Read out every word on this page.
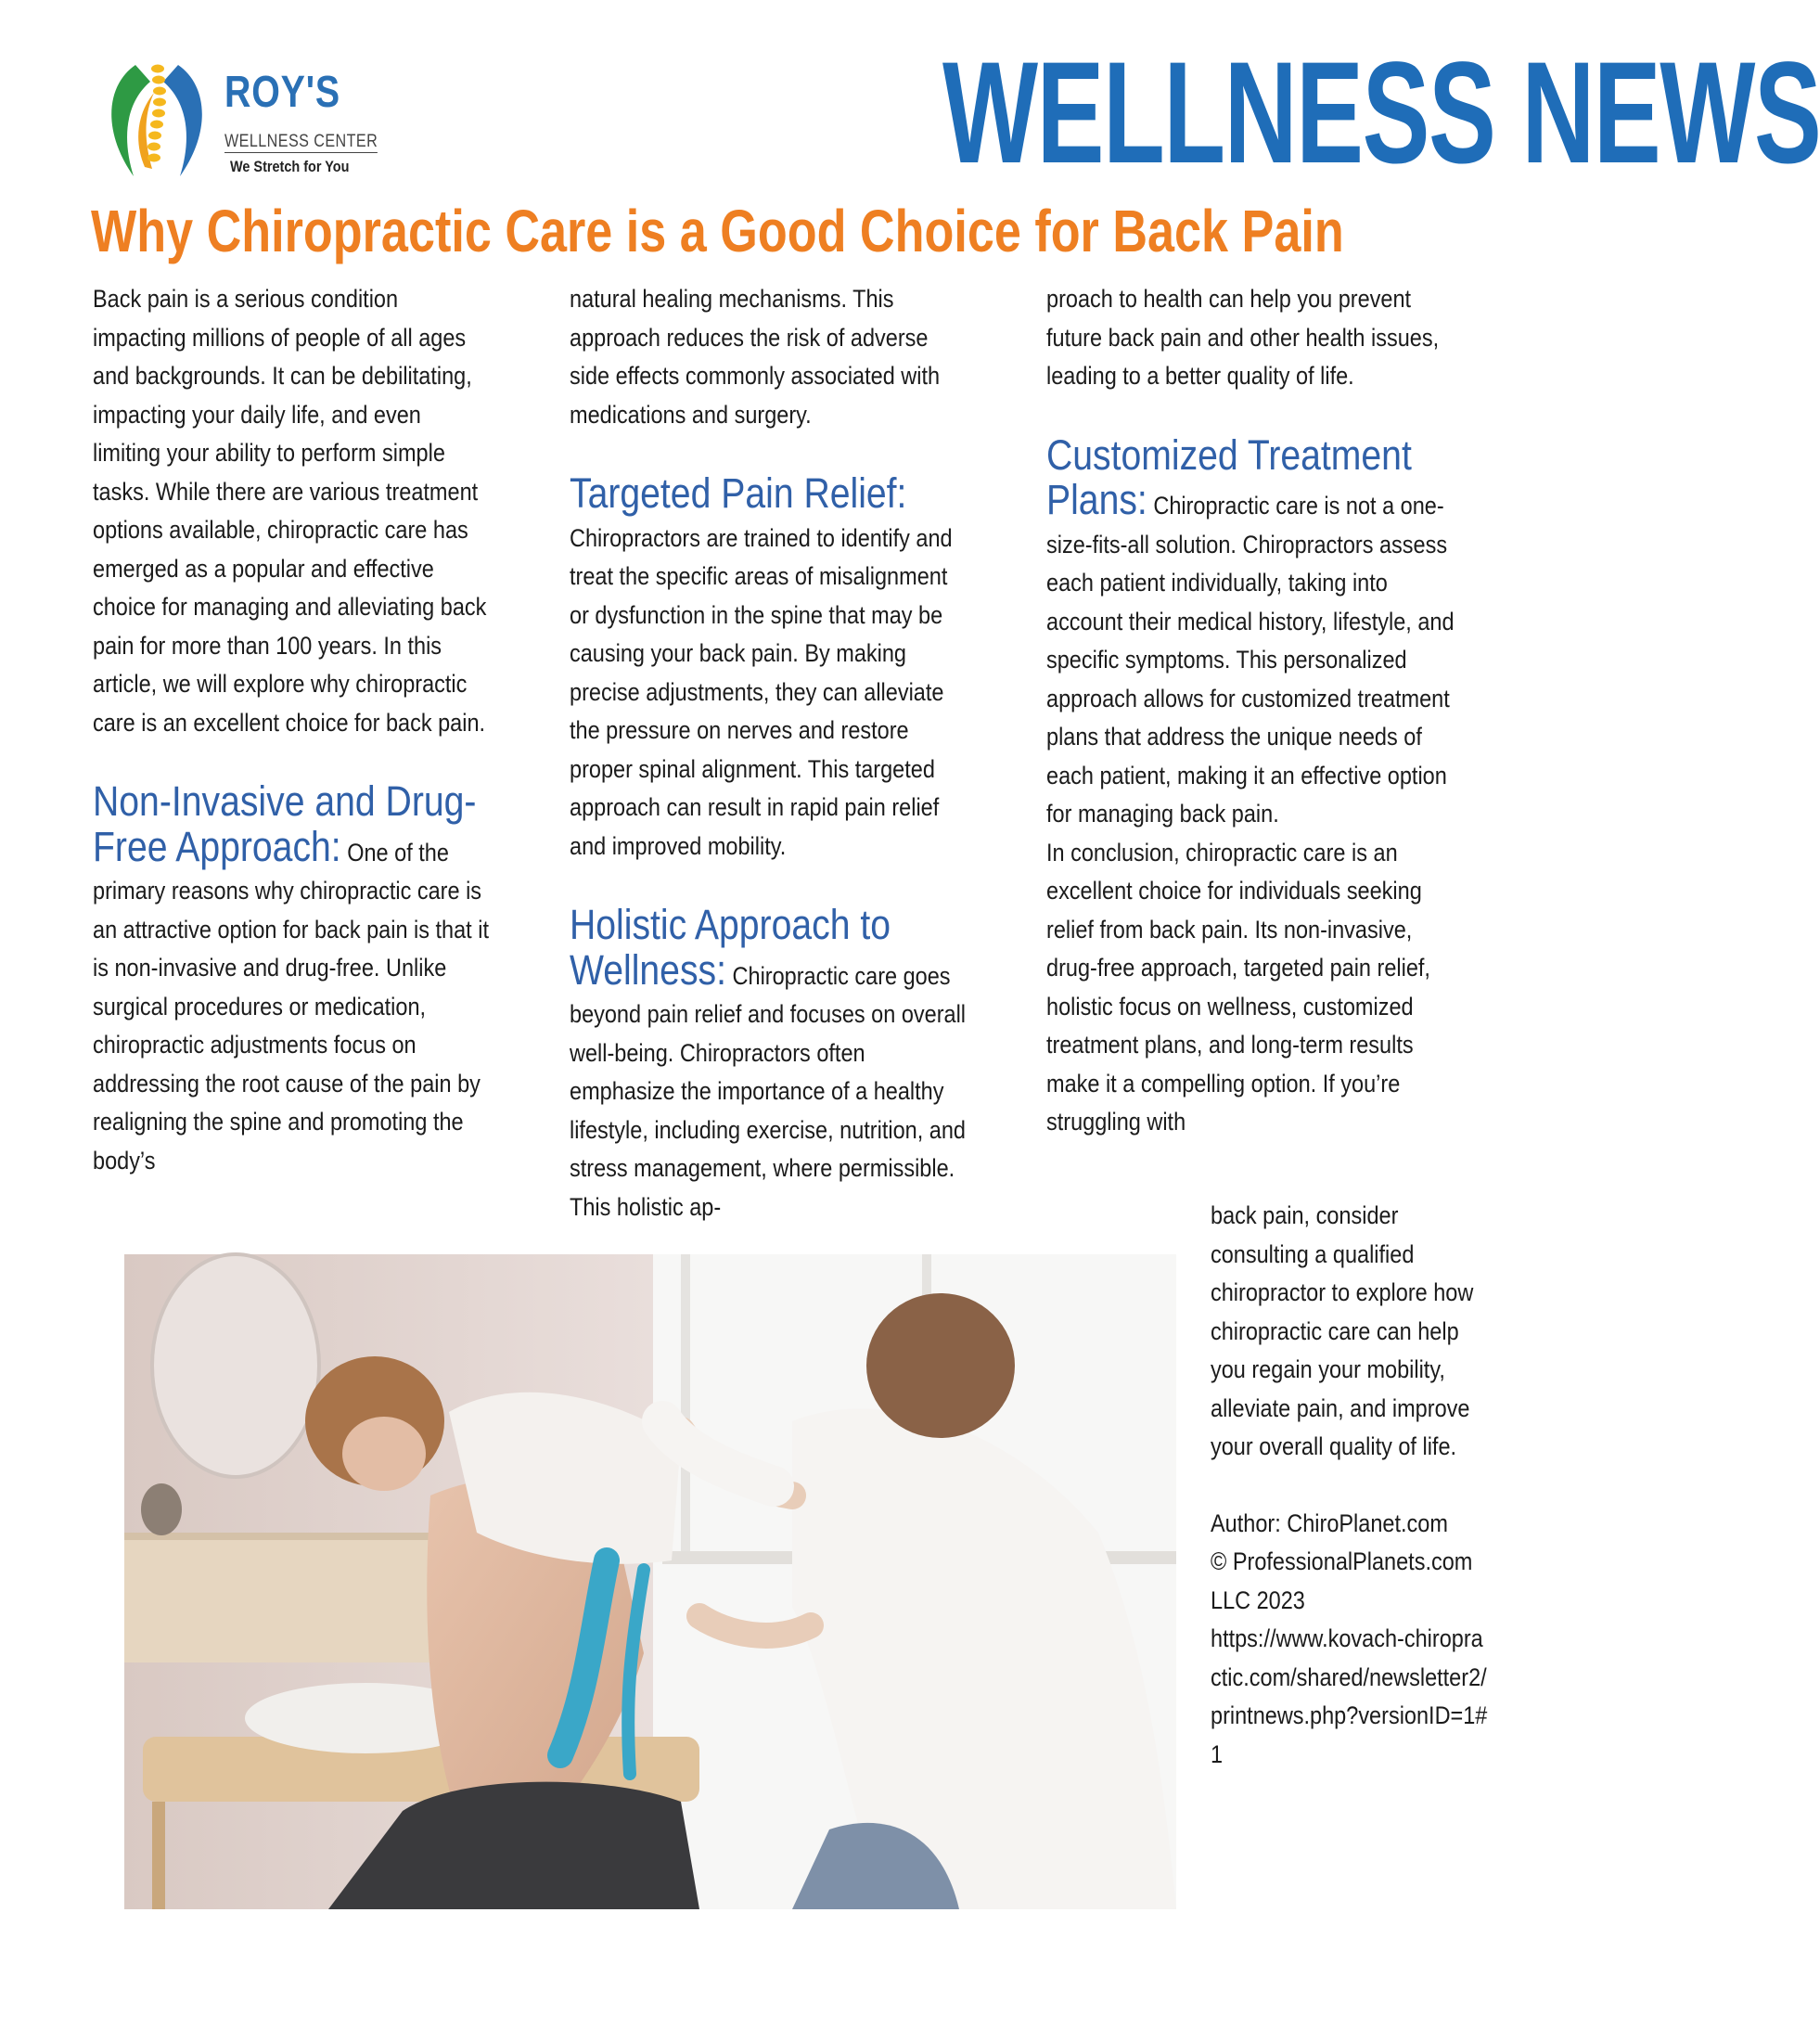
ROY'S
WELLNESS CENTER
We Stretch for You	WELLNESS NEWS
Why Chiropractic Care is a Good Choice for Back Pain

Back pain is a serious condition impacting millions of people of all ages and backgrounds. It can be debilitating, impacting your daily life, and even limiting your ability to perform simple tasks. While there are various treatment options available, chiropractic care has emerged as a popular and effective choice for managing and alleviating back pain for more than 100 years. In this article, we will explore why chiropractic care is an excellent choice for back pain.

Non-Invasive and Drug-Free Approach: One of the primary reasons why chiropractic care is an attractive option for back pain is that it is non-invasive and drug-free. Unlike surgical procedures or medication, chiropractic adjustments focus on addressing the root cause of the pain by realigning the spine and promoting the body’s

natural healing mechanisms. This approach reduces the risk of adverse side effects commonly associated with medications and surgery.

Targeted Pain Relief: Chiropractors are trained to identify and treat the specific areas of misalignment or dysfunction in the spine that may be causing your back pain. By making precise adjustments, they can alleviate the pressure on nerves and restore proper spinal alignment. This targeted approach can result in rapid pain relief and improved mobility.

Holistic Approach to Wellness: Chiropractic care goes beyond pain relief and focuses on overall well-being. Chiropractors often emphasize the importance of a healthy lifestyle, including exercise, nutrition, and stress management, where permissible. This holistic ap-

proach to health can help you prevent future back pain and other health issues, leading to a better quality of life.

Customized Treatment Plans: Chiropractic care is not a one-size-fits-all solution. Chiropractors assess each patient individually, taking into account their medical history, lifestyle, and specific symptoms. This personalized approach allows for customized treatment plans that address the unique needs of each patient, making it an effective option for managing back pain.

In conclusion, chiropractic care is an excellent choice for individuals seeking relief from back pain. Its non-invasive, drug-free approach, targeted pain relief, holistic focus on wellness, customized treatment plans, and long-term results make it a compelling option. If you’re struggling with

back pain, consider consulting a qualified chiropractor to explore how chiropractic care can help you regain your mobility, alleviate pain, and improve your overall quality of life.

Author: ChiroPlanet.com

© ProfessionalPlanets.com LLC 2023

https://www.kovach-chiropractic.com/shared/newsletter2/printnews.php?versionID=1#1
